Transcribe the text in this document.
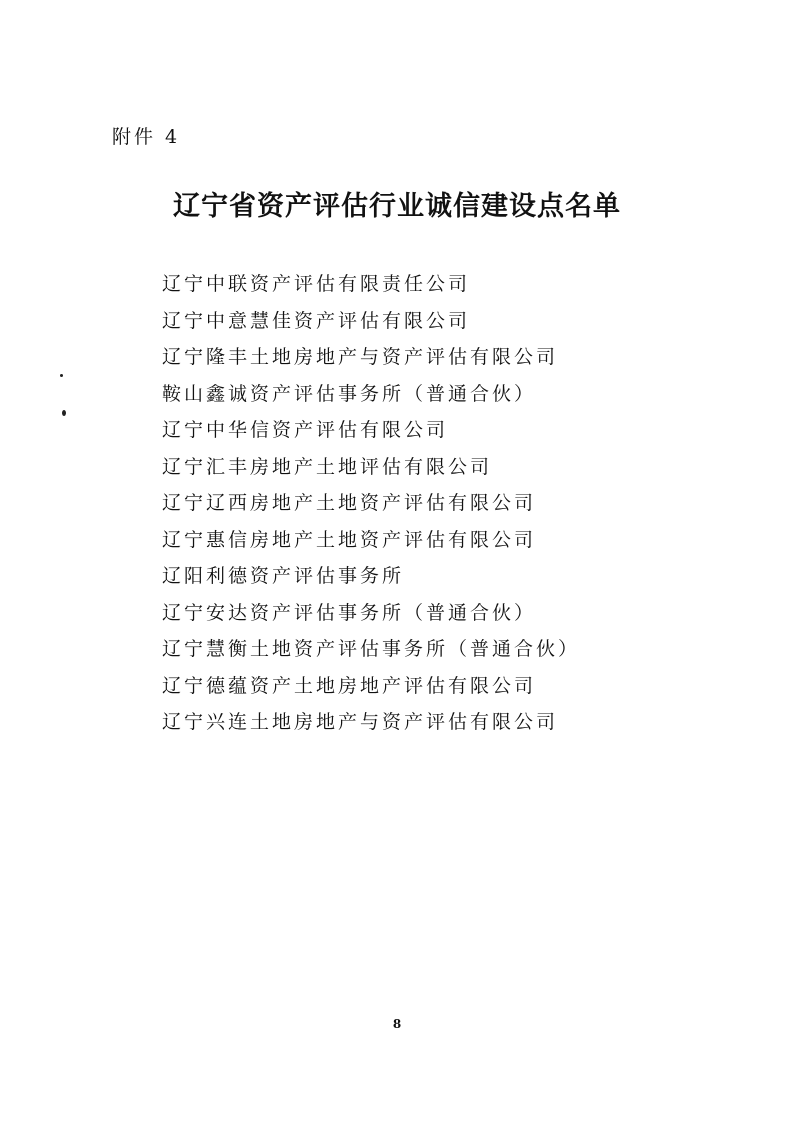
附件 4
辽宁省资产评估行业诚信建设点名单
辽宁中联资产评估有限责任公司
辽宁中意慧佳资产评估有限公司
辽宁隆丰土地房地产与资产评估有限公司
鞍山鑫诚资产评估事务所（普通合伙）
辽宁中华信资产评估有限公司
辽宁汇丰房地产土地评估有限公司
辽宁辽西房地产土地资产评估有限公司
辽宁惠信房地产土地资产评估有限公司
辽阳利德资产评估事务所
辽宁安达资产评估事务所（普通合伙）
辽宁慧衡土地资产评估事务所（普通合伙）
辽宁德蕴资产土地房地产评估有限公司
辽宁兴连土地房地产与资产评估有限公司
8
